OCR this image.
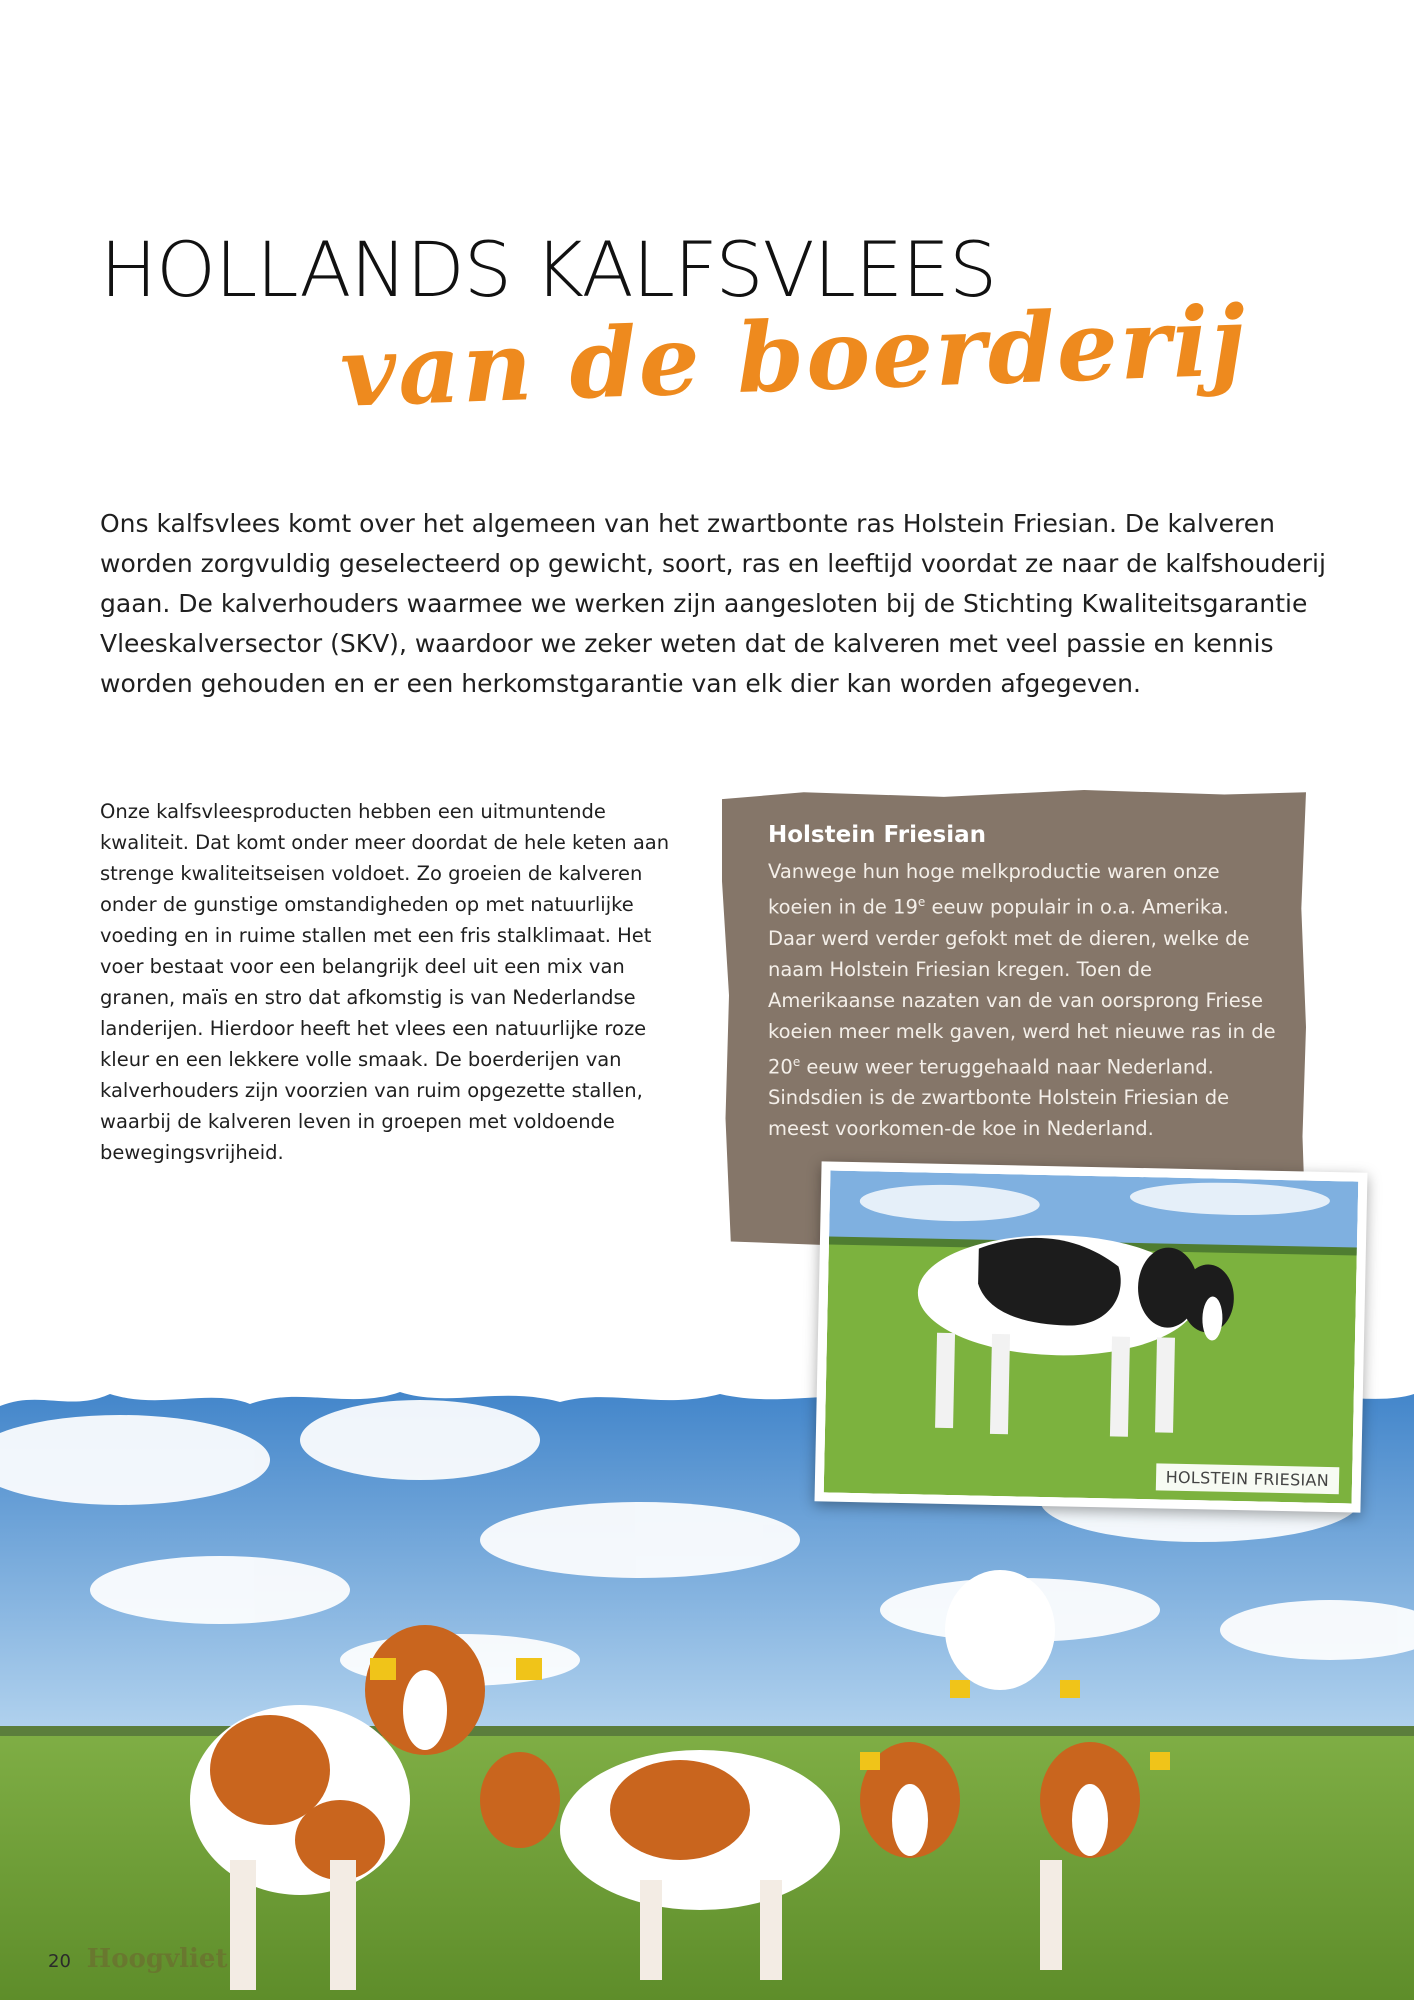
HOLLANDS KALFSVLEES
van de boerderij

Ons kalfsvlees komt over het algemeen van het zwartbonte ras Holstein Friesian. De kalveren worden zorgvuldig geselecteerd op gewicht, soort, ras en leeftijd voordat ze naar de kalfshouderij gaan. De kalverhouders waarmee we werken zijn aangesloten bij de Stichting Kwaliteitsgarantie Vleeskalversector (SKV), waardoor we zeker weten dat de kalveren met veel passie en kennis worden gehouden en er een herkomstgarantie van elk dier kan worden afgegeven.

Onze kalfsvleesproducten hebben een uitmuntende kwaliteit. Dat komt onder meer doordat de hele keten aan strenge kwaliteitseisen voldoet. Zo groeien de kalveren onder de gunstige omstandigheden op met natuurlijke voeding en in ruime stallen met een fris stalklimaat. Het voer bestaat voor een belangrijk deel uit een mix van granen, maïs en stro dat afkomstig is van Nederlandse landerijen. Hierdoor heeft het vlees een natuurlijke roze kleur en een lekkere volle smaak. De boerderijen van kalverhouders zijn voorzien van ruim opgezette stallen, waarbij de kalveren leven in groepen met voldoende bewegingsvrijheid.

Holstein Friesian

Vanwege hun hoge melkproductie waren onze koeien in de 19e eeuw populair in o.a. Amerika. Daar werd verder gefokt met de dieren, welke de naam Holstein Friesian kregen. Toen de Amerikaanse nazaten van de van oorsprong Friese koeien meer melk gaven, werd het nieuwe ras in de 20e eeuw weer teruggehaald naar Nederland. Sindsdien is de zwartbonte Holstein Friesian de meest voorkomen-de koe in Nederland.

HOLSTEIN FRIESIAN
20 Hoogvliet
